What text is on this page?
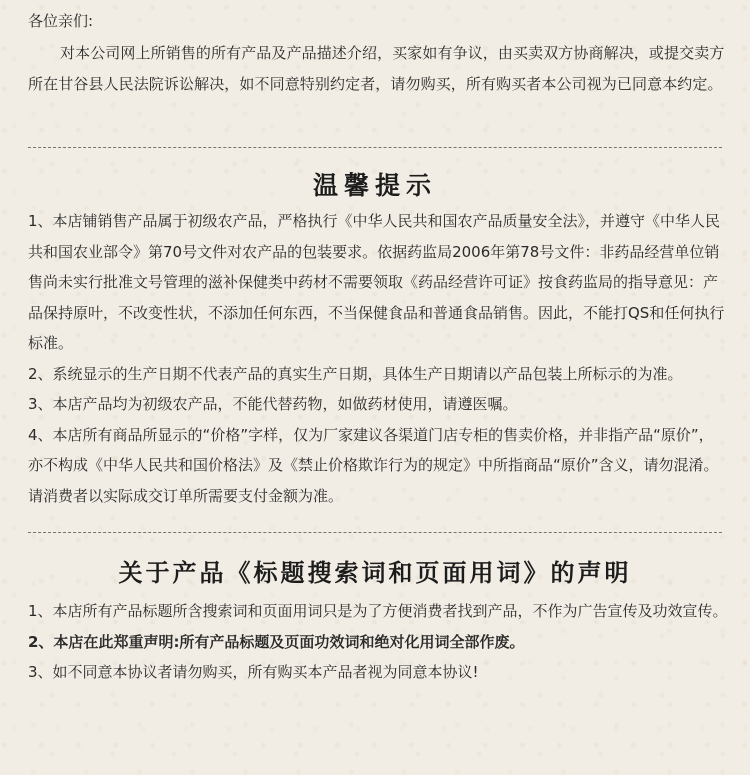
各位亲们:
对本公司网上所销售的所有产品及产品描述介绍，买家如有争议，由买卖双方协商解决，或提交卖方所在甘谷县人民法院诉讼解决，如不同意特别约定者，请勿购买，所有购买者本公司视为已同意本约定。
温馨提示
1、本店铺销售产品属于初级农产品，严格执行《中华人民共和国农产品质量安全法》，并遵守《中华人民共和国农业部令》第70号文件对农产品的包装要求。依据药监局2006年第78号文件：非药品经营单位销售尚未实行批准文号管理的滋补保健类中药材不需要领取《药品经营许可证》按食药监局的指导意见：产品保持原叶，不改变性状，不添加任何东西，不当保健食品和普通食品销售。因此，不能打QS和任何执行标准。
2、系统显示的生产日期不代表产品的真实生产日期，具体生产日期请以产品包装上所标示的为准。
3、本店产品均为初级农产品，不能代替药物，如做药材使用，请遵医嘱。
4、本店所有商品所显示的“价格”字样，仅为厂家建议各渠道门店专柜的售卖价格，并非指产品“原价”，亦不构成《中华人民共和国价格法》及《禁止价格欺诈行为的规定》中所指商品“原价”含义，请勿混淆。请消费者以实际成交订单所需要支付金额为准。
关于产品《标题搜索词和页面用词》的声明
1、本店所有产品标题所含搜索词和页面用词只是为了方便消费者找到产品，不作为广告宣传及功效宣传。
2、本店在此郑重声明:所有产品标题及页面功效词和绝对化用词全部作废。
3、如不同意本协议者请勿购买，所有购买本产品者视为同意本协议!
